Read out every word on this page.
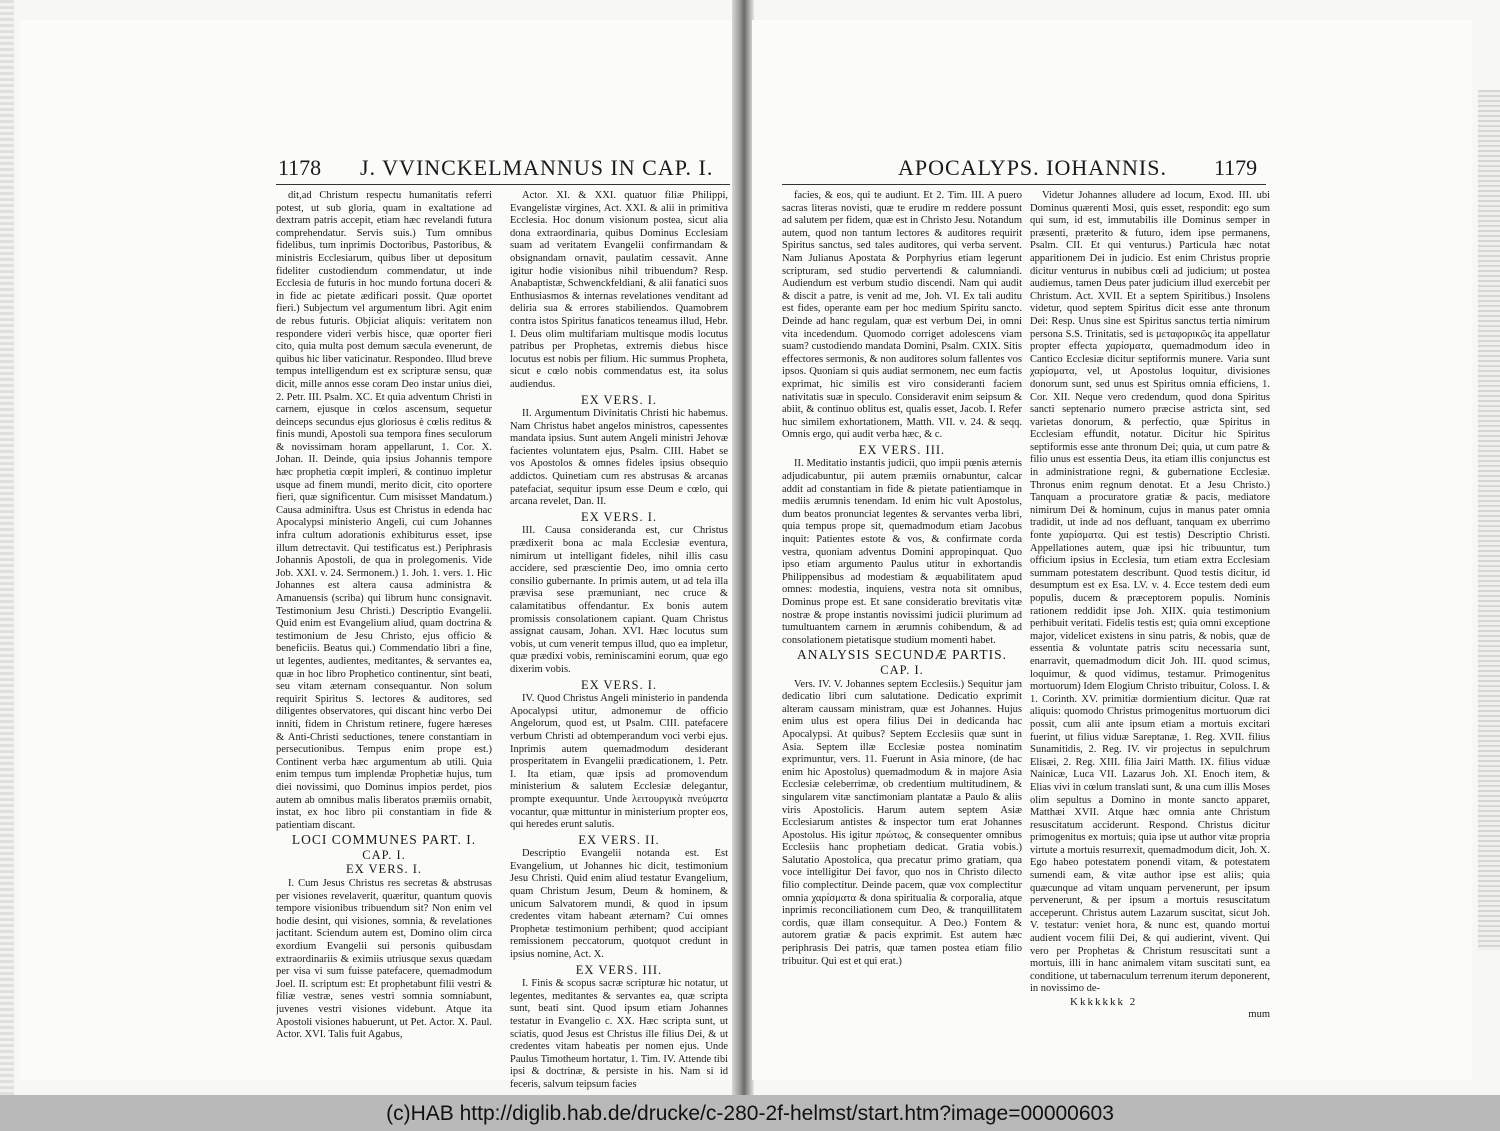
1178 J. VVINCKELMANNUS IN CAP. I.

dit,ad Christum respectu humanitatis referri potest, ut sub gloria, quam in exaltatione ad dextram patris accepit, etiam hæc revelandi futura comprehendatur. Servis suis.) Tum omnibus fidelibus, tum inprimis Doctoribus, Pastoribus, & ministris Ecclesiarum, quibus liber ut depositum fideliter custodiendum commendatur, ut inde Ecclesia de futuris in hoc mundo fortuna doceri & in fide ac pietate ædificari possit. Quæ oportet fieri.) Subjectum vel argumentum libri. Agit enim de rebus futuris. Objiciat aliquis: veritatem non respondere videri verbis hisce, quæ oporter fieri cito, quia multa post demum sæcula evenerunt, de quibus hic liber vaticinatur. Respondeo. Illud breve tempus intelligendum est ex scripturæ sensu, quæ dicit, mille annos esse coram Deo instar unius diei, 2. Petr. III. Psalm. XC. Et quia adventum Christi in carnem, ejusque in cœlos ascensum, sequetur deinceps secundus ejus gloriosus è cœlis reditus & finis mundi, Apostoli sua tempora fines seculorum & novissimam horam appellarunt, 1. Cor. X. Johan. II. Deinde, quia ipsius Johannis tempore hæc prophetia cœpit impleri, & continuo impletur usque ad finem mundi, merito dicit, cito oportere fieri, quæ significentur. Cum misisset Mandatum.) Causa adminiftra. Usus est Christus in edenda hac Apocalypsi ministerio Angeli, cui cum Johannes infra cultum adorationis exhibiturus esset, ipse illum detrectavit. Qui testificatus est.) Periphrasis Johannis Apostoli, de qua in prolegomenis. Vide Job. XXI. v. 24. Sermonem.) 1. Joh. 1. vers. 1. Hic Johannes est altera causa administra & Amanuensis (scriba) qui librum hunc consignavit. Testimonium Jesu Christi.) Descriptio Evangelii. Quid enim est Evangelium aliud, quam doctrina & testimonium de Jesu Christo, ejus officio & beneficiis. Beatus qui.) Commendatio libri a fine, ut legentes, audientes, meditantes, & servantes ea, quæ in hoc libro Prophetico continentur, sint beati, seu vitam æternam consequantur. Non solum requirit Spiritus S. lectores & auditores, sed diligentes observatores, qui discant hinc verbo Dei inniti, fidem in Christum retinere, fugere hæreses & Anti-Christi seductiones, tenere constantiam in persecutionibus. Tempus enim prope est.) Continent verba hæc argumentum ab utili. Quia enim tempus tum implendæ Prophetiæ hujus, tum diei novissimi, quo Dominus impios perdet, pios autem ab omnibus malis liberatos præmiis ornabit, instat, ex hoc libro pii constantiam in fide & patientiam discant.

LOCI COMMUNES PART. I.

CAP. I.

EX VERS. I.

I. Cum Jesus Christus res secretas & abstrusas per visiones revelaverit, quæritur, quantum quovis tempore visionibus tribuendum sit? Non enim vel hodie desint, qui visiones, somnia, & revelationes jactitant. Sciendum autem est, Domino olim circa exordium Evangelii sui personis quibusdam extraordinariis & eximiis utriusque sexus quædam per visa vi sum fuisse patefacere, quemadmodum Joel. II. scriptum est: Et prophetabunt filii vestri & filiæ vestræ, senes vestri somnia somniabunt, juvenes vestri visiones videbunt. Atque ita Apostoli visiones habuerunt, ut Pet. Actor. X. Paul. Actor. XVI. Talis fuit Agabus,

Actor. XI. & XXI. quatuor filiæ Philippi, Evangelistæ virgines, Act. XXI. & alii in primitiva Ecclesia. Hoc donum visionum postea, sicut alia dona extraordinaria, quibus Dominus Ecclesiam suam ad veritatem Evangelii confirmandam & obsignandam ornavit, paulatim cessavit. Anne igitur hodie visionibus nihil tribuendum? Resp. Anabaptistæ, Schwenckfeldiani, & alii fanatici suos Enthusiasmos & internas revelationes venditant ad deliria sua & errores stabiliendos. Quamobrem contra istos Spiritus fanaticos teneamus illud, Hebr. I. Deus olim multifariam multisque modis locutus patribus per Prophetas, extremis diebus hisce locutus est nobis per filium. Hic summus Propheta, sicut e cœlo nobis commendatus est, ita solus audiendus.

EX VERS. I.

II. Argumentum Divinitatis Christi hic habemus. Nam Christus habet angelos ministros, capessentes mandata ipsius. Sunt autem Angeli ministri Jehovæ facientes voluntatem ejus, Psalm. CIII. Habet se vos Apostolos & omnes fideles ipsius obsequio addictos. Quinetiam cum res abstrusas & arcanas patefaciat, sequitur ipsum esse Deum e cœlo, qui arcana revelet, Dan. II.

EX VERS. I.

III. Causa consideranda est, cur Christus prædixerit bona ac mala Ecclesiæ eventura, nimirum ut intelligant fideles, nihil illis casu accidere, sed præscientie Deo, imo omnia certo consilio gubernante. In primis autem, ut ad tela illa prævisa sese præmuniant, nec cruce & calamitatibus offendantur. Ex bonis autem promissis consolationem capiant. Quam Christus assignat causam, Johan. XVI. Hæc locutus sum vobis, ut cum venerit tempus illud, quo ea impletur, quæ prædixi vobis, reminiscamini eorum, quæ ego dixerim vobis.

EX VERS. I.

IV. Quod Christus Angeli ministerio in pandenda Apocalypsi utitur, admonemur de officio Angelorum, quod est, ut Psalm. CIII. patefacere verbum Christi ad obtemperandum voci verbi ejus. Inprimis autem quemadmodum desiderant prosperitatem in Evangelii prædicationem, 1. Petr. I. Ita etiam, quæ ipsis ad promovendum ministerium & salutem Ecclesiæ delegantur, prompte exequuntur. Unde λειτουργικὰ πνεύματα vocantur, quæ mittuntur in ministerium propter eos, qui heredes erunt salutis.

EX VERS. II.

Descriptio Evangelii notanda est. Est Evangelium, ut Johannes hic dicit, testimonium Jesu Christi. Quid enim aliud testatur Evangelium, quam Christum Jesum, Deum & hominem, & unicum Salvatorem mundi, & quod in ipsum credentes vitam habeant æternam? Cui omnes Prophetæ testimonium perhibent; quod accipiant remissionem peccatorum, quotquot credunt in ipsius nomine, Act. X.

EX VERS. III.

I. Finis & scopus sacræ scripturæ hic notatur, ut legentes, meditantes & servantes ea, quæ scripta sunt, beati sint. Quod ipsum etiam Johannes testatur in Evangelio c. XX. Hæc scripta sunt, ut sciatis, quod Jesus est Christus ille filius Dei, & ut credentes vitam habeatis per nomen ejus. Unde Paulus Timotheum hortatur, 1. Tim. IV. Attende tibi ipsi & doctrinæ, & persiste in his. Nam si id feceris, salvum teipsum facies

APOCALYPS. IOHANNIS. 1179

facies, & eos, qui te audiunt. Et 2. Tim. III. A puero sacras literas novisti, quæ te erudire m reddere possunt ad salutem per fidem, quæ est in Christo Jesu. Notandum autem, quod non tantum lectores & auditores requirit Spiritus sanctus, sed tales auditores, qui verba servent. Nam Julianus Apostata & Porphyrius etiam legerunt scripturam, sed studio pervertendi & calumniandi. Audiendum est verbum studio discendi. Nam qui audit & discit a patre, is venit ad me, Joh. VI. Ex tali auditu est fides, operante eam per hoc medium Spiritu sancto. Deinde ad hanc regulam, quæ est verbum Dei, in omni vita incedendum. Quomodo corriget adolescens viam suam? custodiendo mandata Domini, Psalm. CXIX. Sitis effectores sermonis, & non auditores solum fallentes vos ipsos. Quoniam si quis audiat sermonem, nec eum factis exprimat, hic similis est viro consideranti faciem nativitatis suæ in speculo. Consideravit enim seipsum & abiit, & continuo oblitus est, qualis esset, Jacob. I. Refer huc similem exhortationem, Matth. VII. v. 24. & seqq. Omnis ergo, qui audit verba hæc, & c.

EX VERS. III.

II. Meditatio instantis judicii, quo impii pœnis æternis adjudicabuntur, pii autem præmiis ornabuntur, calcar addit ad constantiam in fide & pietate patientiamque in mediis ærumnis tenendam. Id enim hic vult Apostolus, dum beatos pronunciat legentes & servantes verba libri, quia tempus prope sit, quemadmodum etiam Jacobus inquit: Patientes estote & vos, & confirmate corda vestra, quoniam adventus Domini appropinquat. Quo ipso etiam argumento Paulus utitur in exhortandis Philippensibus ad modestiam & æquabilitatem apud omnes: modestia, inquiens, vestra nota sit omnibus, Dominus prope est. Et sane consideratio brevitatis vitæ nostræ & prope instantis novissimi judicii plurimum ad tumultuantem carnem in ærumnis cohibendum, & ad consolationem pietatisque studium momenti habet.

ANALYSIS SECUNDÆ PARTIS.

CAP. I.

Vers. IV. V. Johannes septem Ecclesiis.) Sequitur jam dedicatio libri cum salutatione. Dedicatio exprimit alteram caussam ministram, quæ est Johannes. Hujus enim ulus est opera filius Dei in dedicanda hac Apocalypsi. At quibus? Septem Ecclesiis quæ sunt in Asia. Septem illæ Ecclesiæ postea nominatim exprimuntur, vers. 11. Fuerunt in Asia minore, (de hac enim hic Apostolus) quemadmodum & in majore Asia Ecclesiæ celeberrimæ, ob credentium multitudinem, & singularem vitæ sanctimoniam plantatæ a Paulo & aliis viris Apostolicis. Harum autem septem Asiæ Ecclesiarum antistes & inspector tum erat Johannes Apostolus. His igitur πρώτως, & consequenter omnibus Ecclesiis hanc prophetiam dedicat. Gratia vobis.) Salutatio Apostolica, qua precatur primo gratiam, qua voce intelligitur Dei favor, quo nos in Christo dilecto filio complectitur. Deinde pacem, quæ vox complectitur omnia χαρίσματα & dona spiritualia & corporalia, atque inprimis reconciliationem cum Deo, & tranquillitatem cordis, quæ illam consequitur. A Deo.) Fontem & autorem gratiæ & pacis exprimit. Est autem hæc periphrasis Dei patris, quæ tamen postea etiam filio tribuitur. Qui est et qui erat.)

Videtur Johannes alludere ad locum, Exod. III. ubi Dominus quærenti Mosi, quis esset, respondit: ego sum qui sum, id est, immutabilis ille Dominus semper in præsenti, præterito & futuro, idem ipse permanens, Psalm. CII. Et qui venturus.) Particula hæc notat apparitionem Dei in judicio. Est enim Christus proprie dicitur venturus in nubibus cœli ad judicium; ut postea audiemus, tamen Deus pater judicium illud exercebit per Christum. Act. XVII. Et a septem Spiritibus.) Insolens videtur, quod septem Spiritus dicit esse ante thronum Dei: Resp. Unus sine est Spiritus sanctus tertia nimirum persona S.S. Trinitatis, sed is μεταφορικῶς ita appellatur propter effecta χαρίσματα, quemadmodum ideo in Cantico Ecclesiæ dicitur septiformis munere. Varia sunt χαρίσματα, vel, ut Apostolus loquitur, divisiones donorum sunt, sed unus est Spiritus omnia efficiens, 1. Cor. XII. Neque vero credendum, quod dona Spiritus sancti septenario numero præcise astricta sint, sed varietas donorum, & perfectio, quæ Spiritus in Ecclesiam effundit, notatur. Dicitur hic Spiritus septiformis esse ante thronum Dei; quia, ut cum patre & filio unus est essentia Deus, ita etiam illis conjunctus est in administratione regni, & gubernatione Ecclesiæ. Thronus enim regnum denotat. Et a Jesu Christo.) Tanquam a procuratore gratiæ & pacis, mediatore nimirum Dei & hominum, cujus in manus pater omnia tradidit, ut inde ad nos defluant, tanquam ex uberrimo fonte χαρίσματα. Qui est testis) Descriptio Christi. Appellationes autem, quæ ipsi hic tribuuntur, tum officium ipsius in Ecclesia, tum etiam extra Ecclesiam summam potestatem describunt. Quod testis dicitur, id desumptum est ex Esa. LV. v. 4. Ecce testem dedi eum populis, ducem & præceptorem populis. Nominis rationem reddidit ipse Joh. XIIX. quia testimonium perhibuit veritati. Fidelis testis est; quia omni exceptione major, videlicet existens in sinu patris, & nobis, quæ de essentia & voluntate patris scitu necessaria sunt, enarravit, quemadmodum dicit Joh. III. quod scimus, loquimur, & quod vidimus, testamur. Primogenitus mortuorum) Idem Elogium Christo tribuitur, Coloss. I. & 1. Corinth. XV. primitiæ dormientium dicitur. Quæ rat aliquis: quomodo Christus primogenitus mortuorum dici possit, cum alii ante ipsum etiam a mortuis excitari fuerint, ut filius viduæ Sareptanæ, 1. Reg. XVII. filius Sunamitidis, 2. Reg. IV. vir projectus in sepulchrum Elisæi, 2. Reg. XIII. filia Jairi Matth. IX. filius viduæ Nainicæ, Luca VII. Lazarus Joh. XI. Enoch item, & Elias vivi in cœlum translati sunt, & una cum illis Moses olim sepultus a Domino in monte sancto apparet, Matthæi XVII. Atque hæc omnia ante Christum resuscitatum acciderunt. Respond. Christus dicitur primogenitus ex mortuis; quia ipse ut author vitæ propria virtute a mortuis resurrexit, quemadmodum dicit, Joh. X. Ego habeo potestatem ponendi vitam, & potestatem sumendi eam, & vitæ author ipse est aliis; quia quæcunque ad vitam unquam pervenerunt, per ipsum pervenerunt, & per ipsum a mortuis resuscitatum acceperunt. Christus autem Lazarum suscitat, sicut Joh. V. testatur: veniet hora, & nunc est, quando mortui audient vocem filii Dei, & qui audierint, vivent. Qui vero per Prophetas & Christum resuscitati sunt a mortuis, illi in hanc animalem vitam suscitati sunt, ea conditione, ut tabernaculum terrenum iterum deponerent, in novissimo de-

Kkkkkkk 2

mum

(c)HAB http://diglib.hab.de/drucke/c-280-2f-helmst/start.htm?image=00000603
